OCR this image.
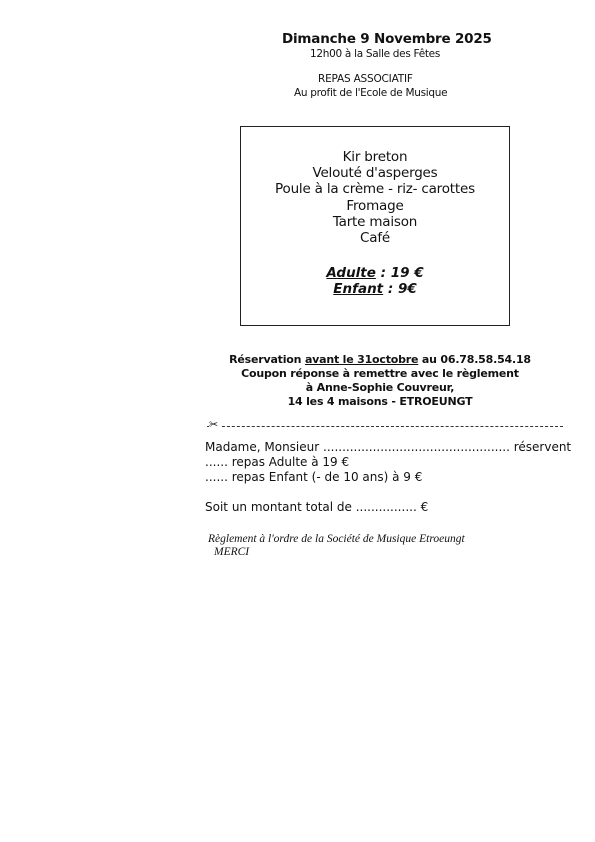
Dimanche 9 Novembre 2025
12h00 à la Salle des Fêtes
REPAS ASSOCIATIF
Au profit de l'Ecole de Musique
Kir breton
Velouté d'asperges
Poule à la crème - riz- carottes
Fromage
Tarte maison
Café
Adulte : 19 €
Enfant : 9€
Réservation avant le 31octobre au 06.78.58.54.18
Coupon réponse à remettre avec le règlement
à Anne-Sophie Couvreur,
14 les 4 maisons - ETROEUNGT
✂
Madame, Monsieur ................................................. réservent
...... repas Adulte à 19 €
...... repas Enfant (- de 10 ans) à 9 €
Soit un montant total de ................ €
Règlement à l'ordre de la Société de Musique Etroeungt
MERCI
